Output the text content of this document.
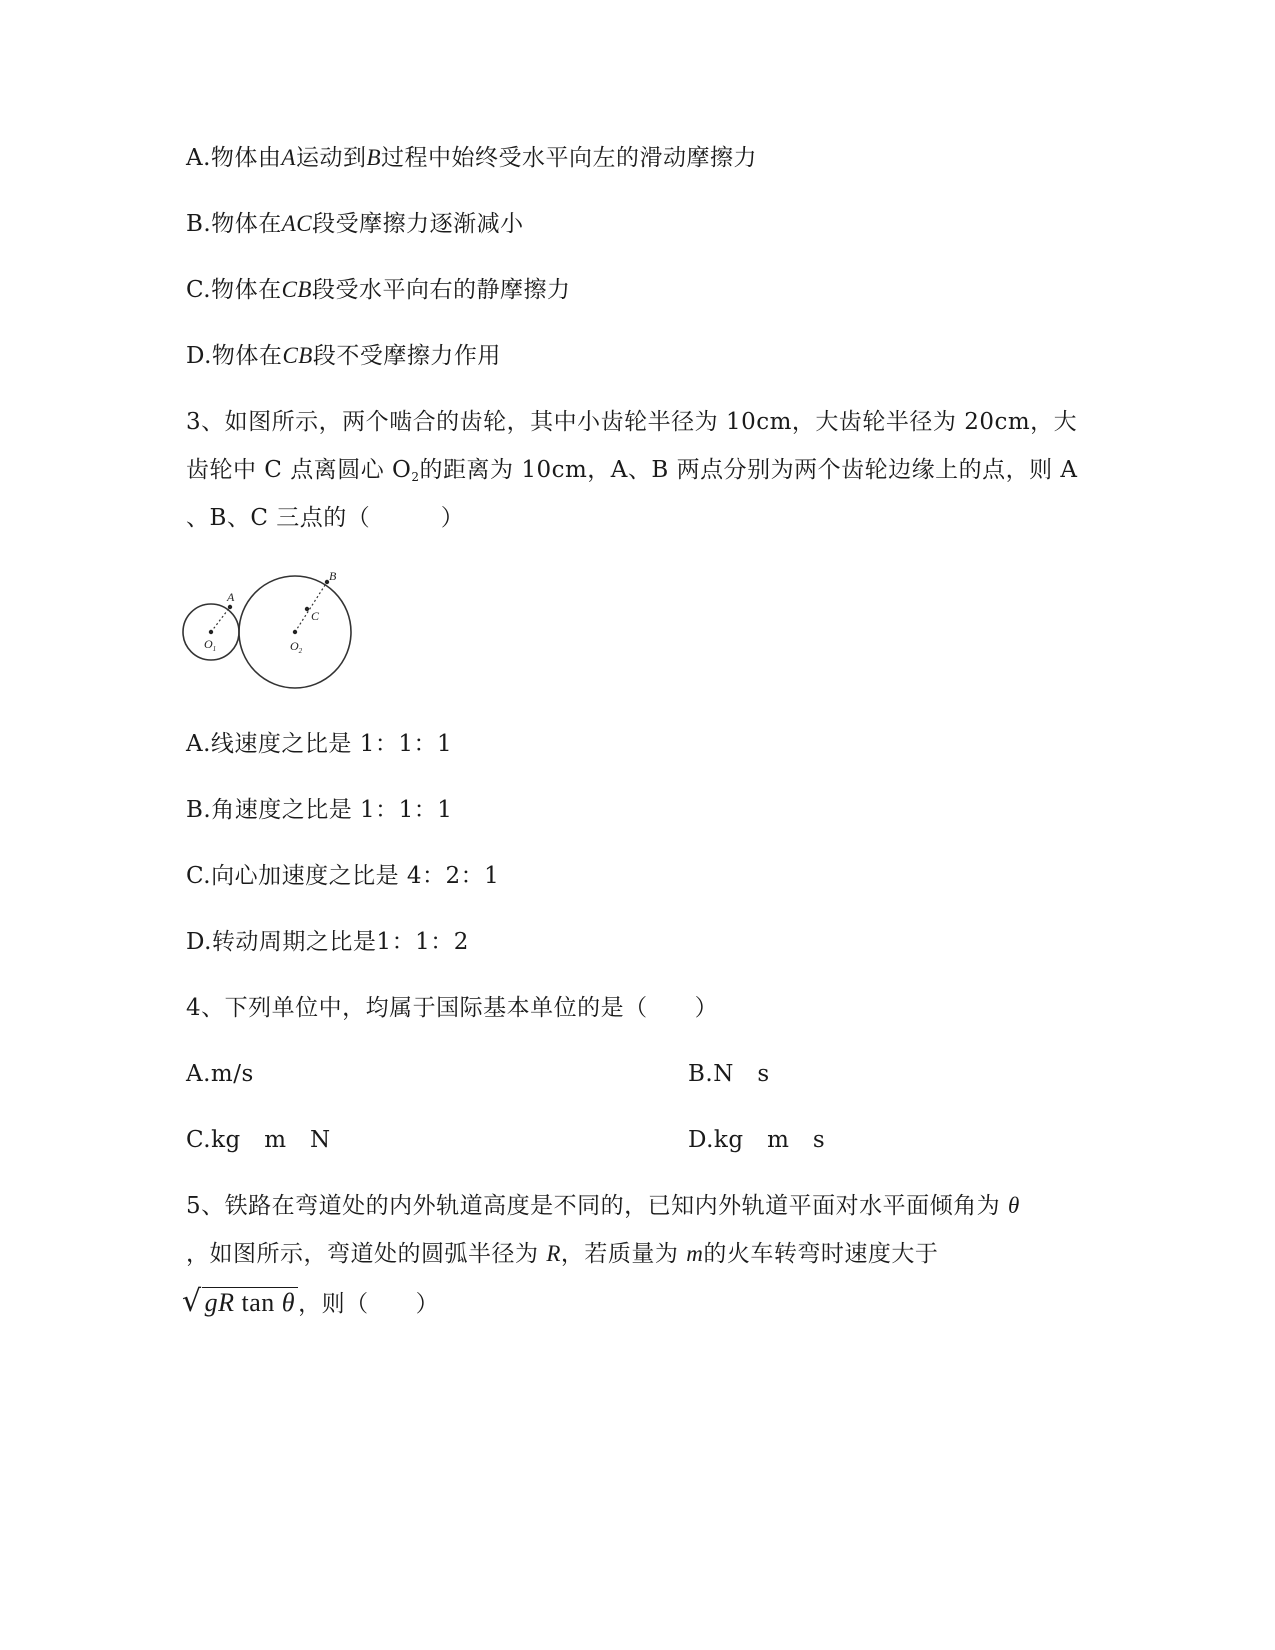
A.物体由A运动到B过程中始终受水平向左的滑动摩擦力
B.物体在AC段受摩擦力逐渐减小
C.物体在CB段受水平向右的静摩擦力
D.物体在CB段不受摩擦力作用
3、如图所示，两个啮合的齿轮，其中小齿轮半径为 10cm，大齿轮半径为 20cm，大
齿轮中 C 点离圆心 $O_2$的距离为 10cm，A、B 两点分别为两个齿轮边缘上的点，则 A
、B、C 三点的（　　　）
A
B
C
$O_1$	$O_2$
A.线速度之比是 1：1：1
B.角速度之比是 1：1：1
C.向心加速度之比是 4：2：1
D.转动周期之比是1：1：2
4、下列单位中，均属于国际基本单位的是（　　）
A.m/s	B.N　s
C.kg　m　N	D.kg　m　s
5、铁路在弯道处的内外轨道高度是不同的，已知内外轨道平面对水平面倾角为 θ
，如图所示，弯道处的圆弧半径为 R，若质量为 m的火车转弯时速度大于
√ gR tan θ ，则（　　）
